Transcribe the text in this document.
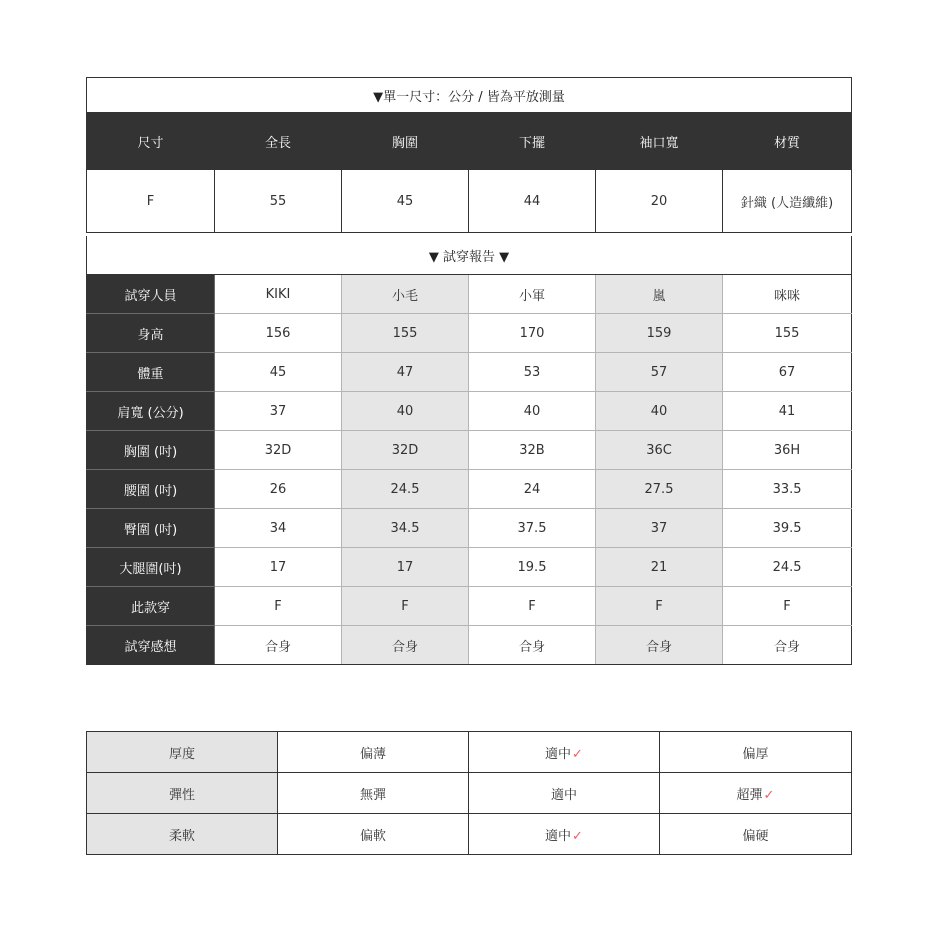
▼單一尺寸：公分 / 皆為平放測量					
尺寸	全長	胸圍	下擺	袖口寬	材質
F	55	45	44	20	針織 (人造纖維)
▼ 試穿報告 ▼					
試穿人員	KIKI	小毛	小軍	嵐	咪咪
身高	156	155	170	159	155
體重	45	47	53	57	67
肩寬 (公分)	37	40	40	40	41
胸圍 (吋)	32D	32D	32B	36C	36H
腰圍 (吋)	26	24.5	24	27.5	33.5
臀圍 (吋)	34	34.5	37.5	37	39.5
大腿圍(吋)	17	17	19.5	21	24.5
此款穿	F	F	F	F	F
試穿感想	合身	合身	合身	合身	合身
厚度	偏薄	適中✓	偏厚
彈性	無彈	適中	超彈✓
柔軟	偏軟	適中✓	偏硬
